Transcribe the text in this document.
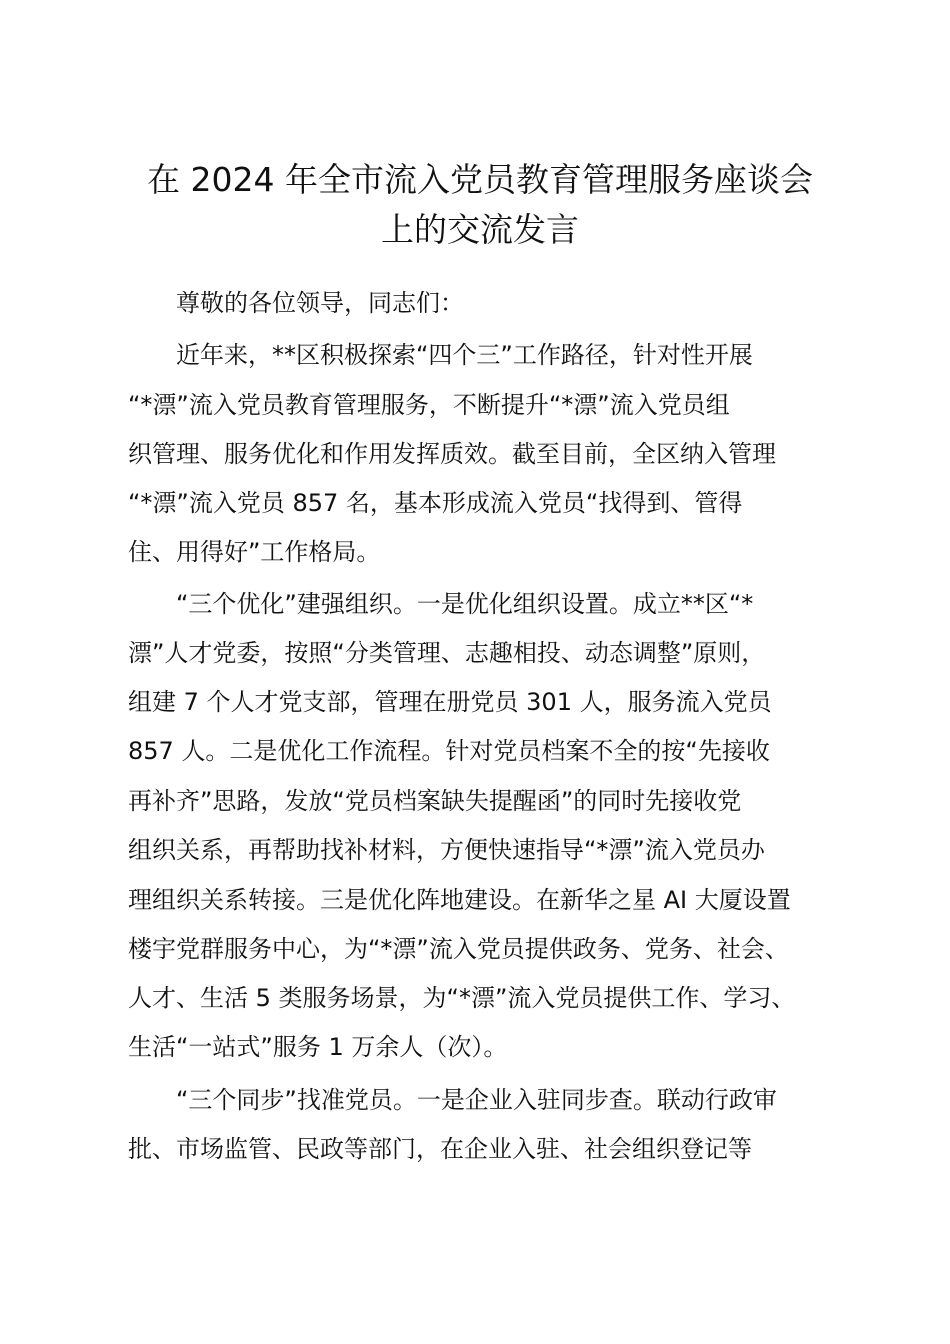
在 2024 年全市流入党员教育管理服务座谈会
上的交流发言
尊敬的各位领导，同志们：
近年来，**区积极探索“四个三”工作路径，针对性开展
“*漂”流入党员教育管理服务，不断提升“*漂”流入党员组
织管理、服务优化和作用发挥质效。截至目前，全区纳入管理
“*漂”流入党员 857 名，基本形成流入党员“找得到、管得
住、用得好”工作格局。
“三个优化”建强组织。一是优化组织设置。成立**区“*
漂”人才党委，按照“分类管理、志趣相投、动态调整”原则，
组建 7 个人才党支部，管理在册党员 301 人，服务流入党员
857 人。二是优化工作流程。针对党员档案不全的按“先接收
再补齐”思路，发放“党员档案缺失提醒函”的同时先接收党
组织关系，再帮助找补材料，方便快速指导“*漂”流入党员办
理组织关系转接。三是优化阵地建设。在新华之星 AI 大厦设置
楼宇党群服务中心，为“*漂”流入党员提供政务、党务、社会、
人才、生活 5 类服务场景，为“*漂”流入党员提供工作、学习、
生活“一站式”服务 1 万余人（次）。
“三个同步”找准党员。一是企业入驻同步查。联动行政审
批、市场监管、民政等部门，在企业入驻、社会组织登记等
